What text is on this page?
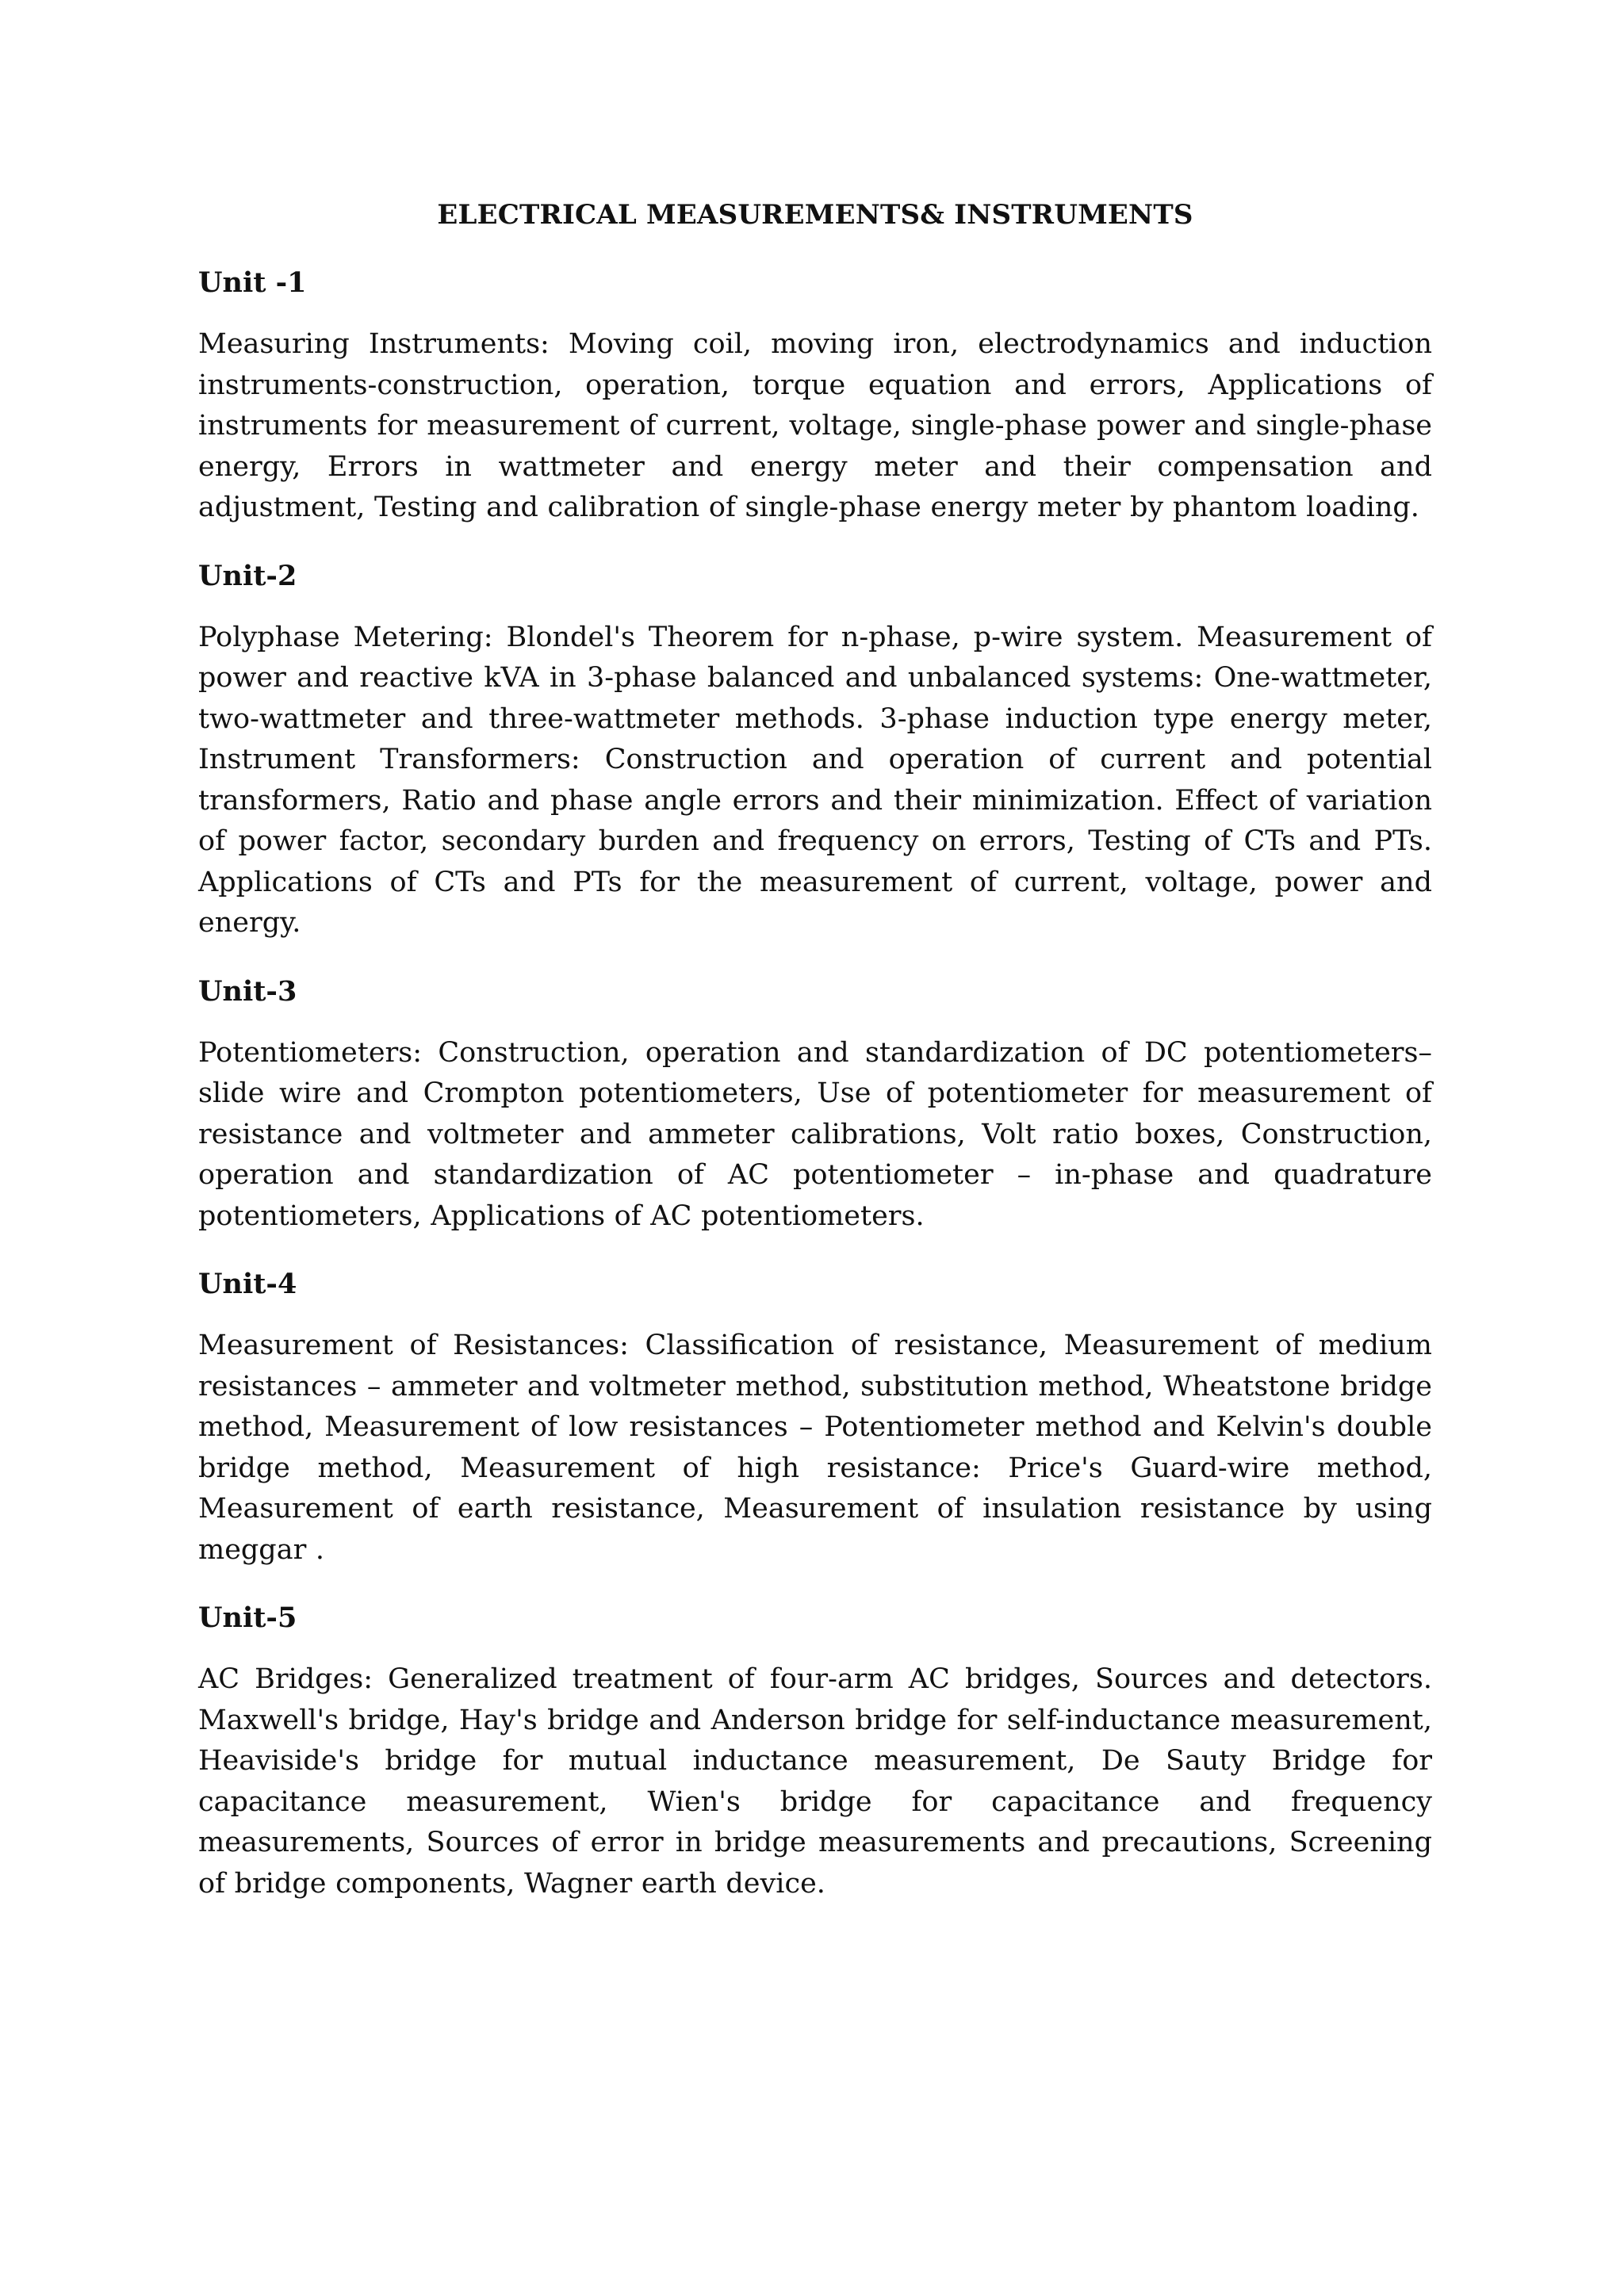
ELECTRICAL MEASUREMENTS& INSTRUMENTS
Unit -1

Measuring Instruments: Moving coil, moving iron, electrodynamics and induction instruments-construction, operation, torque equation and errors, Applications of instruments for measurement of current, voltage, single-phase power and single-phase energy, Errors in wattmeter and energy meter and their compensation and adjustment, Testing and calibration of single-phase energy meter by phantom loading.

Unit-2

Polyphase Metering: Blondel's Theorem for n-phase, p-wire system. Measurement of power and reactive kVA in 3-phase balanced and unbalanced systems: One-wattmeter, two-wattmeter and three-wattmeter methods. 3-phase induction type energy meter, Instrument Transformers: Construction and operation of current and potential transformers, Ratio and phase angle errors and their minimization. Effect of variation of power factor, secondary burden and frequency on errors, Testing of CTs and PTs. Applications of CTs and PTs for the measurement of current, voltage, power and energy.

Unit-3

Potentiometers: Construction, operation and standardization of DC potentiometers– slide wire and Crompton potentiometers, Use of potentiometer for measurement of resistance and voltmeter and ammeter calibrations, Volt ratio boxes, Construction, operation and standardization of AC potentiometer – in-phase and quadrature potentiometers, Applications of AC potentiometers.

Unit-4

Measurement of Resistances: Classification of resistance, Measurement of medium resistances – ammeter and voltmeter method, substitution method, Wheatstone bridge method, Measurement of low resistances – Potentiometer method and Kelvin's double bridge method, Measurement of high resistance: Price's Guard-wire method, Measurement of earth resistance, Measurement of insulation resistance by using meggar .

Unit-5

AC Bridges: Generalized treatment of four-arm AC bridges, Sources and detectors. Maxwell's bridge, Hay's bridge and Anderson bridge for self-inductance measurement, Heaviside's bridge for mutual inductance measurement, De Sauty Bridge for capacitance measurement, Wien's bridge for capacitance and frequency measurements, Sources of error in bridge measurements and precautions, Screening of bridge components, Wagner earth device.
